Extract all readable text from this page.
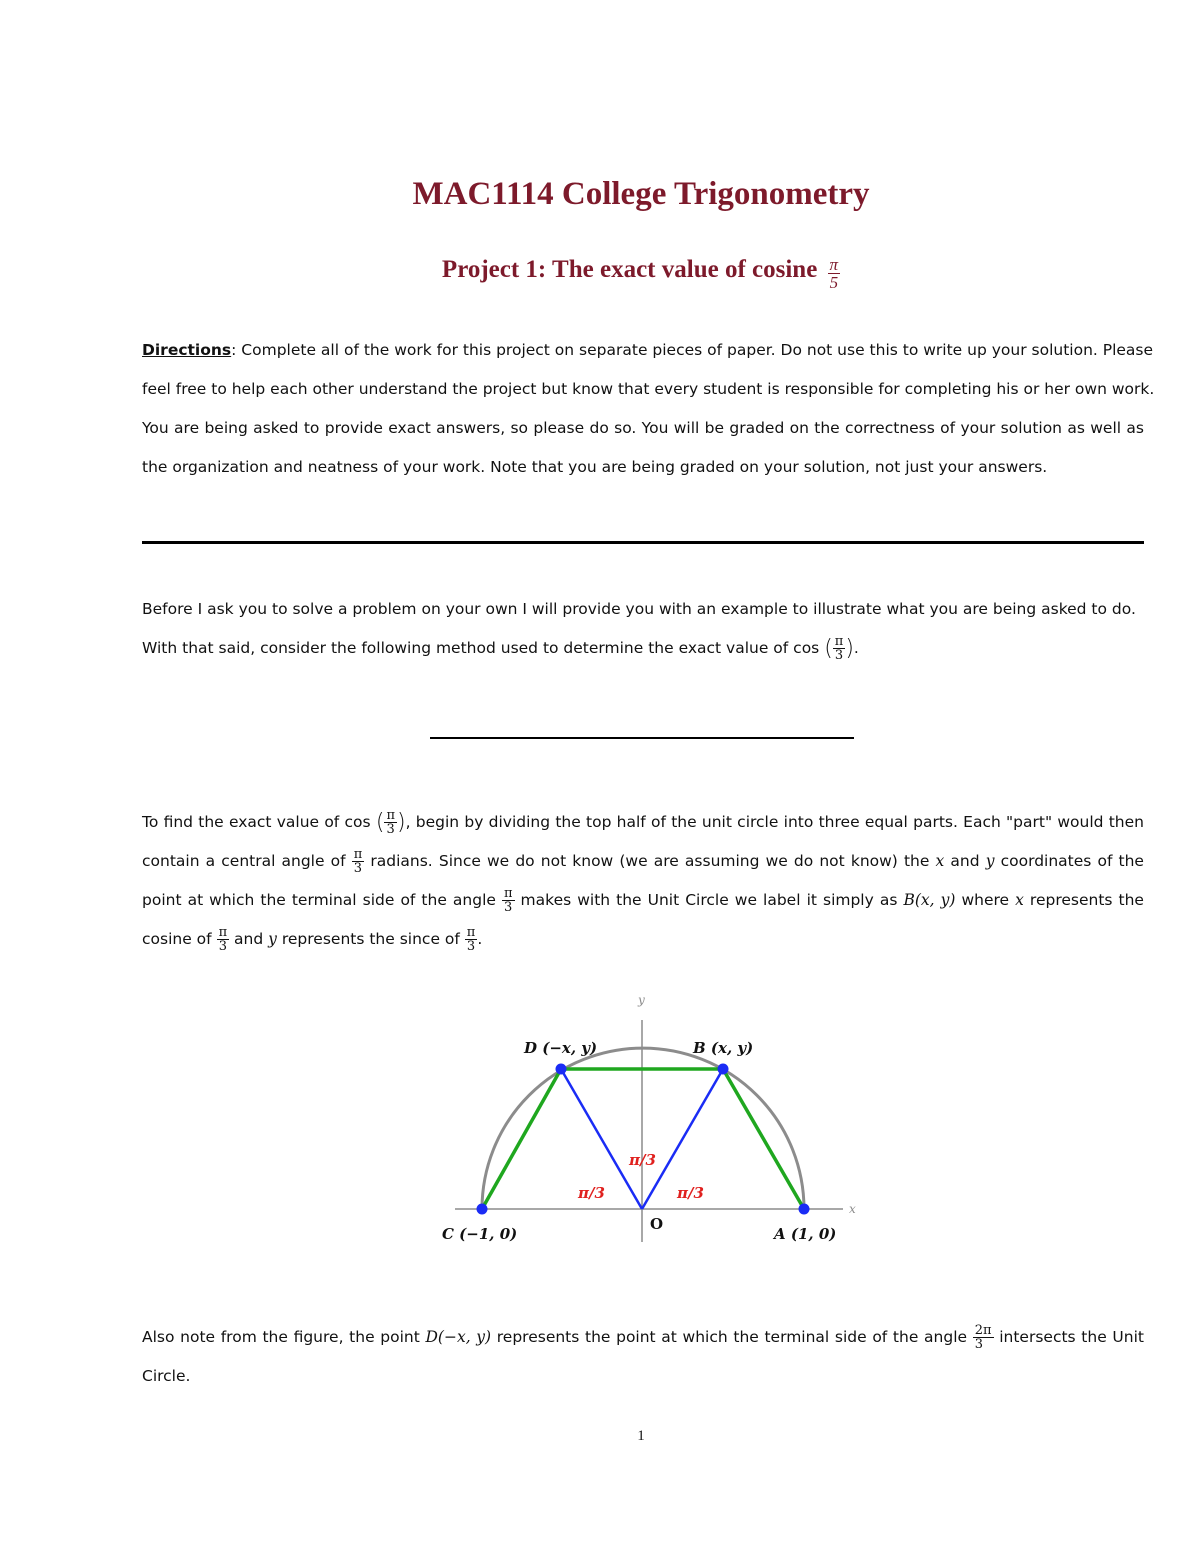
MAC1114 College Trigonometry
Project 1: The exact value of cosine $\frac{\pi}{5}$
Directions: Complete all of the work for this project on separate pieces of paper. Do not use this to write up your solution. Please
feel free to help each other understand the project but know that every student is responsible for completing his or her own work.
You are being asked to provide exact answers, so please do so. You will be graded on the correctness of your solution as well as
the organization and neatness of your work. Note that you are being graded on your solution, not just your answers.
Before I ask you to solve a problem on your own I will provide you with an example to illustrate what you are being asked to do.
With that said, consider the following method used to determine the exact value of cos ( $\frac{\pi}{3}$ ).
To find the exact value of cos ( $\frac{\pi}{3}$ ), begin by dividing the top half of the unit circle into three equal parts. Each "part" would then
contain a central angle of $\frac{\pi}{3}$ radians. Since we do not know (we are assuming we do not know) the x and y coordinates of the
point at which the terminal side of the angle $\frac{\pi}{3}$ makes with the Unit Circle we label it simply as B(x, y) where x represents the
cosine of $\frac{\pi}{3}$ and y represents the since of $\frac{\pi}{3}$ .
x
y
D (−x, y)	B (x, y)
C (−1, 0)	A (1, 0)
O
π/3
π/3	π/3
Also note from the figure, the point D(−x, y) represents the point at which the terminal side of the angle $\frac{2\pi}{3}$ intersects the Unit
Circle.
1
